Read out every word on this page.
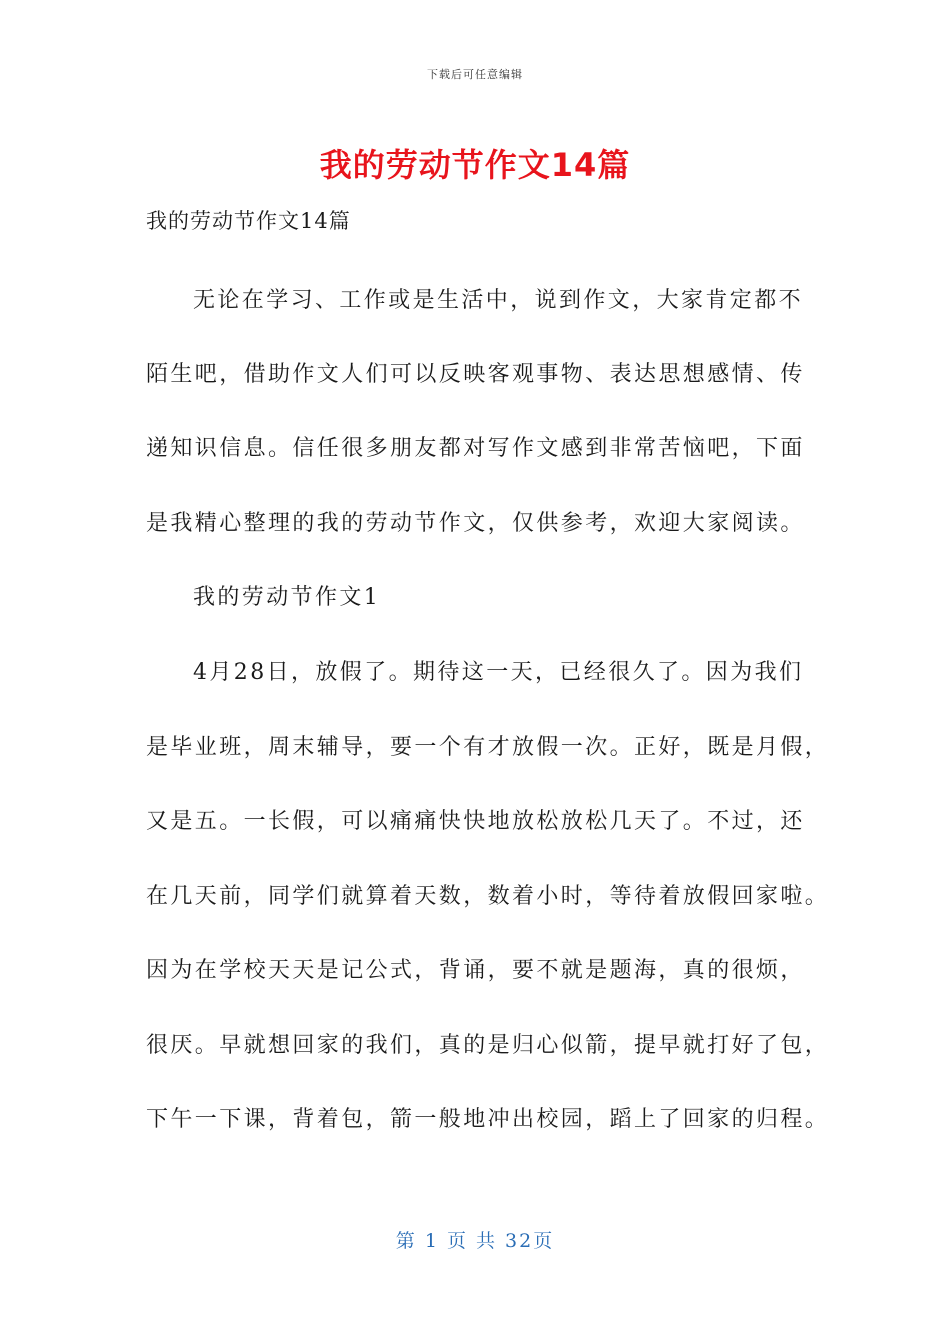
下载后可任意编辑
我的劳动节作文14篇
我的劳动节作文14篇
无论在学习、工作或是生活中，说到作文，大家肯定都不
陌生吧，借助作文人们可以反映客观事物、表达思想感情、传
递知识信息。信任很多朋友都对写作文感到非常苦恼吧，下面
是我精心整理的我的劳动节作文，仅供参考，欢迎大家阅读。
我的劳动节作文1
4月28日，放假了。期待这一天，已经很久了。因为我们
是毕业班，周末辅导，要一个有才放假一次。正好，既是月假，
又是五。一长假，可以痛痛快快地放松放松几天了。不过，还
在几天前，同学们就算着天数，数着小时，等待着放假回家啦。
因为在学校天天是记公式，背诵，要不就是题海，真的很烦，
很厌。早就想回家的我们，真的是归心似箭，提早就打好了包，
下午一下课，背着包，箭一般地冲出校园，蹈上了回家的归程。
第 1 页 共 32页
